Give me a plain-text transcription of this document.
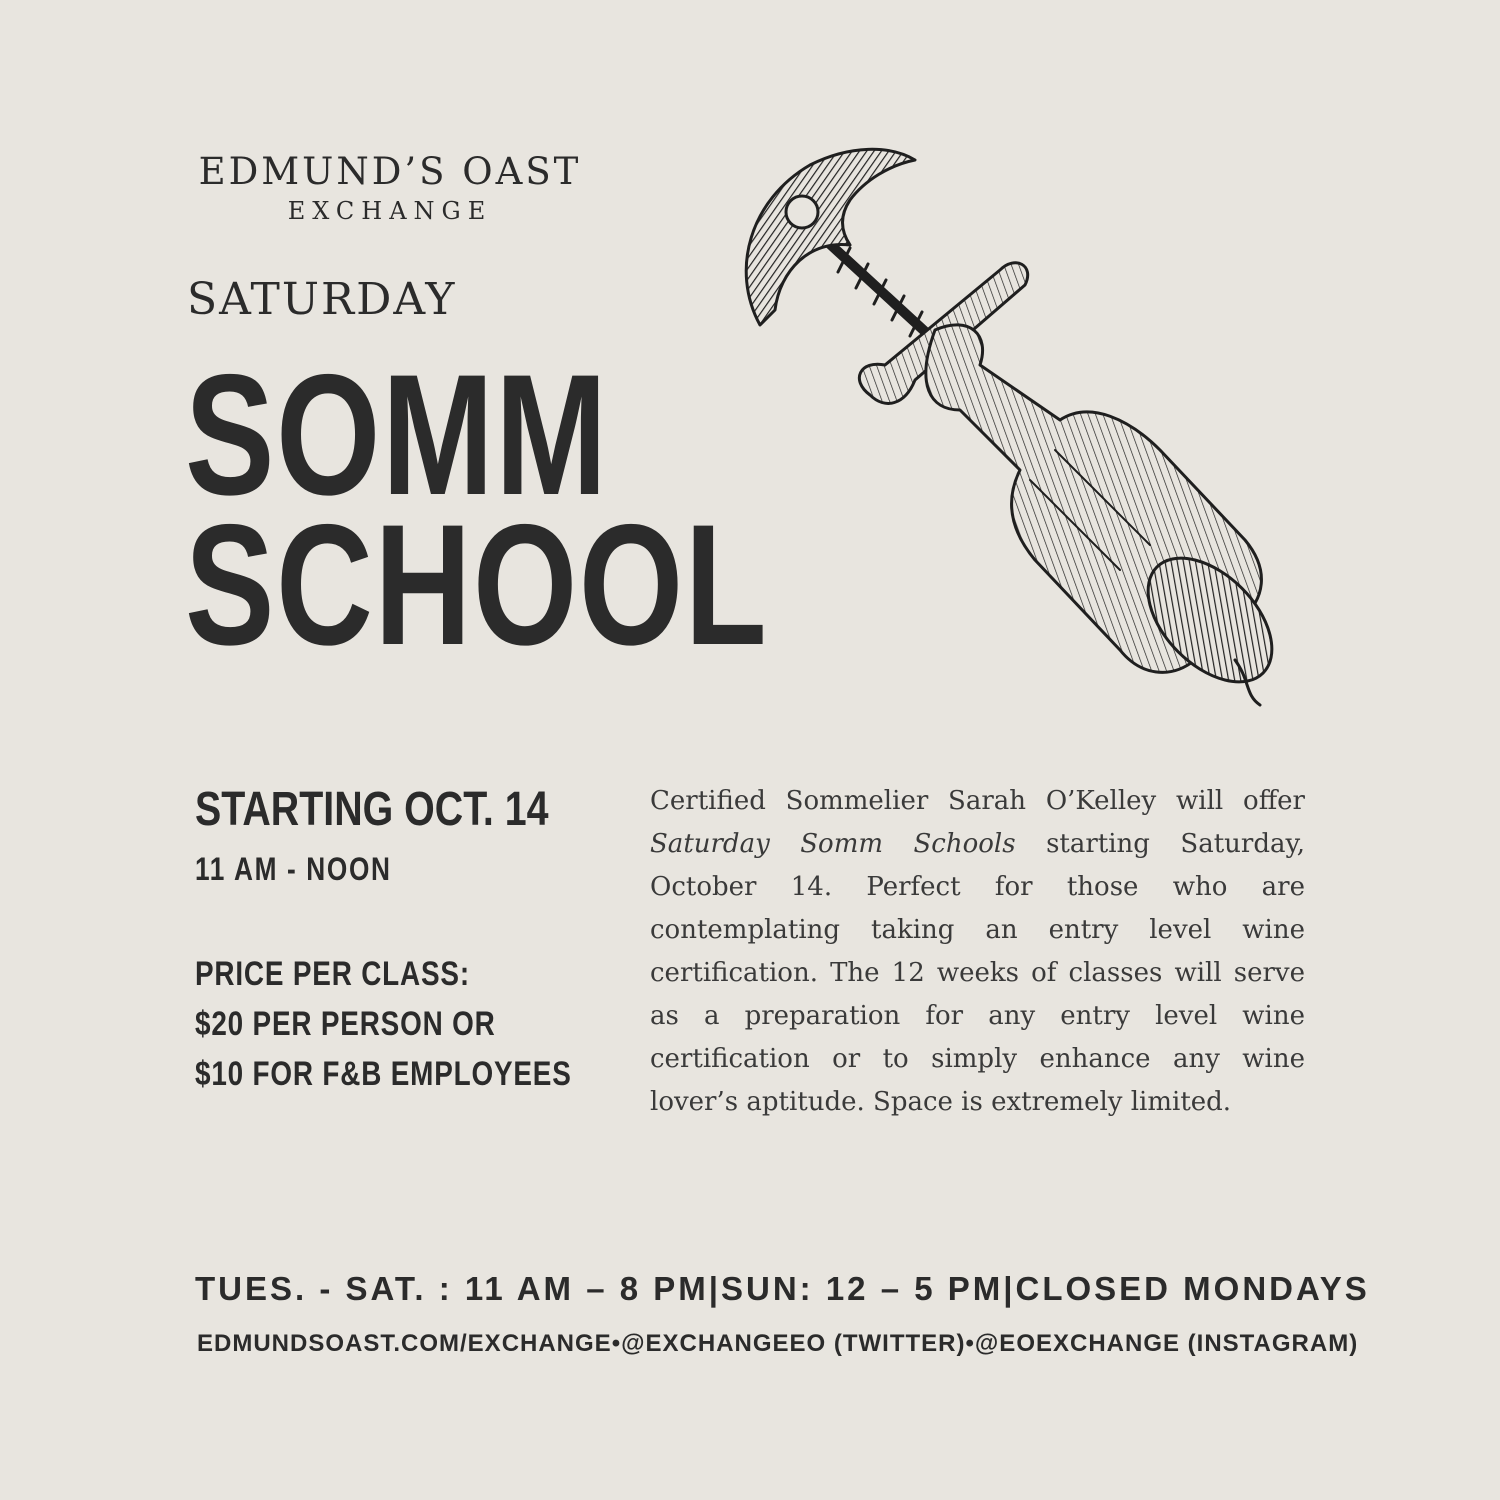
EDMUND’S OAST
EXCHANGE
SATURDAY
SOMM
SCHOOL
STARTING OCT. 14
11 AM - NOON
PRICE PER CLASS:
$20 PER PERSON OR
$10 FOR F&B EMPLOYEES
Certified Sommelier Sarah O’Kelley will offer Saturday Somm Schools starting Saturday, October 14. Perfect for those who are contemplating taking an entry level wine certification. The 12 weeks of classes will serve as a preparation for any entry level wine certification or to simply enhance any wine lover’s aptitude. Space is extremely limited.
TUES. - SAT. : 11 AM – 8 PM | SUN: 12 – 5 PM | CLOSED MONDAYS
EDMUNDSOAST.COM/EXCHANGE • @EXCHANGEEO (TWITTER) • @EOEXCHANGE (INSTAGRAM)
